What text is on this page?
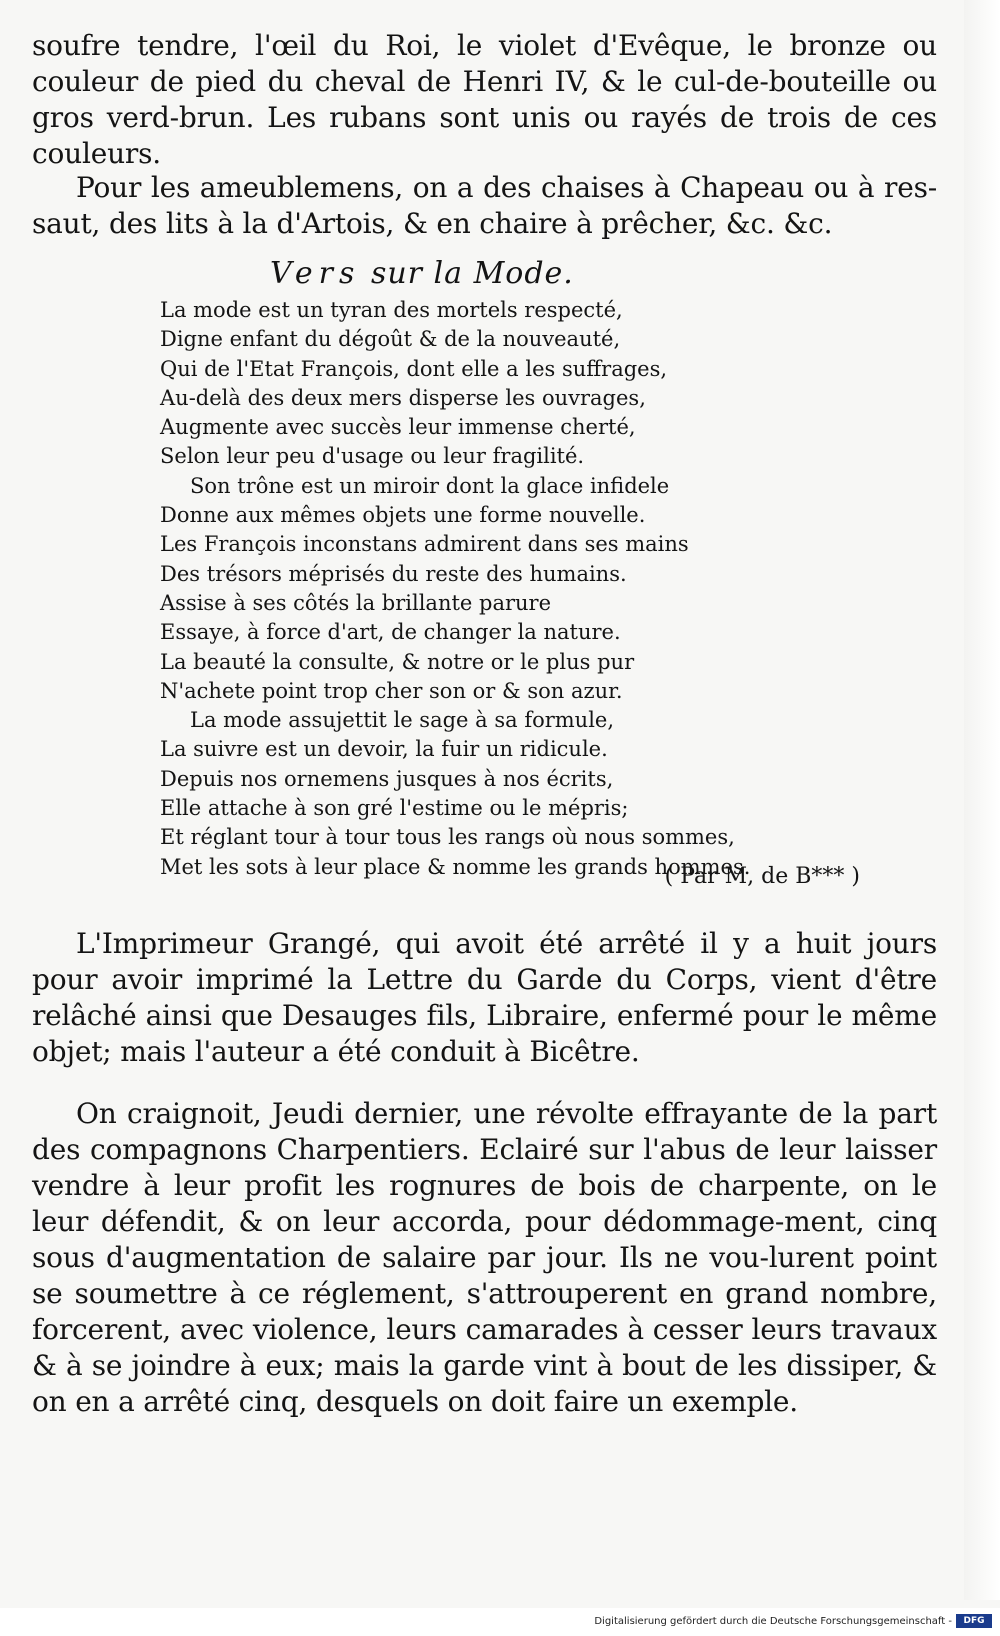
soufre tendre, l'œil du Roi, le violet d'Evêque, le bronze ou couleur de pied du cheval de Henri IV, & le cul-de-bouteille ou gros verd-brun. Les rubans sont unis ou rayés de trois de ces couleurs.

Pour les ameublemens, on a des chaises à Chapeau ou à res-saut, des lits à la d'Artois, & en chaire à prêcher, &c. &c.

Vers sur la Mode.
La mode est un tyran des mortels respecté,
Digne enfant du dégoût & de la nouveauté,
Qui de l'Etat François, dont elle a les suffrages,
Au-delà des deux mers disperse les ouvrages,
Augmente avec succès leur immense cherté,
Selon leur peu d'usage ou leur fragilité.
Son trône est un miroir dont la glace infidele
Donne aux mêmes objets une forme nouvelle.
Les François inconstans admirent dans ses mains
Des trésors méprisés du reste des humains.
Assise à ses côtés la brillante parure
Essaye, à force d'art, de changer la nature.
La beauté la consulte, & notre or le plus pur
N'achete point trop cher son or & son azur.
La mode assujettit le sage à sa formule,
La suivre est un devoir, la fuir un ridicule.
Depuis nos ornemens jusques à nos écrits,
Elle attache à son gré l'estime ou le mépris;
Et réglant tour à tour tous les rangs où nous sommes,
Met les sots à leur place & nomme les grands hommes.
( Par M, de B*** )

L'Imprimeur Grangé, qui avoit été arrêté il y a huit jours pour avoir imprimé la Lettre du Garde du Corps, vient d'être relâché ainsi que Desauges fils, Libraire, enfermé pour le même objet; mais l'auteur a été conduit à Bicêtre.

On craignoit, Jeudi dernier, une révolte effrayante de la part des compagnons Charpentiers. Eclairé sur l'abus de leur laisser vendre à leur profit les rognures de bois de charpente, on le leur défendit, & on leur accorda, pour dédommage-ment, cinq sous d'augmentation de salaire par jour. Ils ne vou-lurent point se soumettre à ce réglement, s'attrouperent en grand nombre, forcerent, avec violence, leurs camarades à cesser leurs travaux & à se joindre à eux; mais la garde vint à bout de les dissiper, & on en a arrêté cinq, desquels on doit faire un exemple.

Digitalisierung gefördert durch die Deutsche Forschungsgemeinschaft -	DFG
